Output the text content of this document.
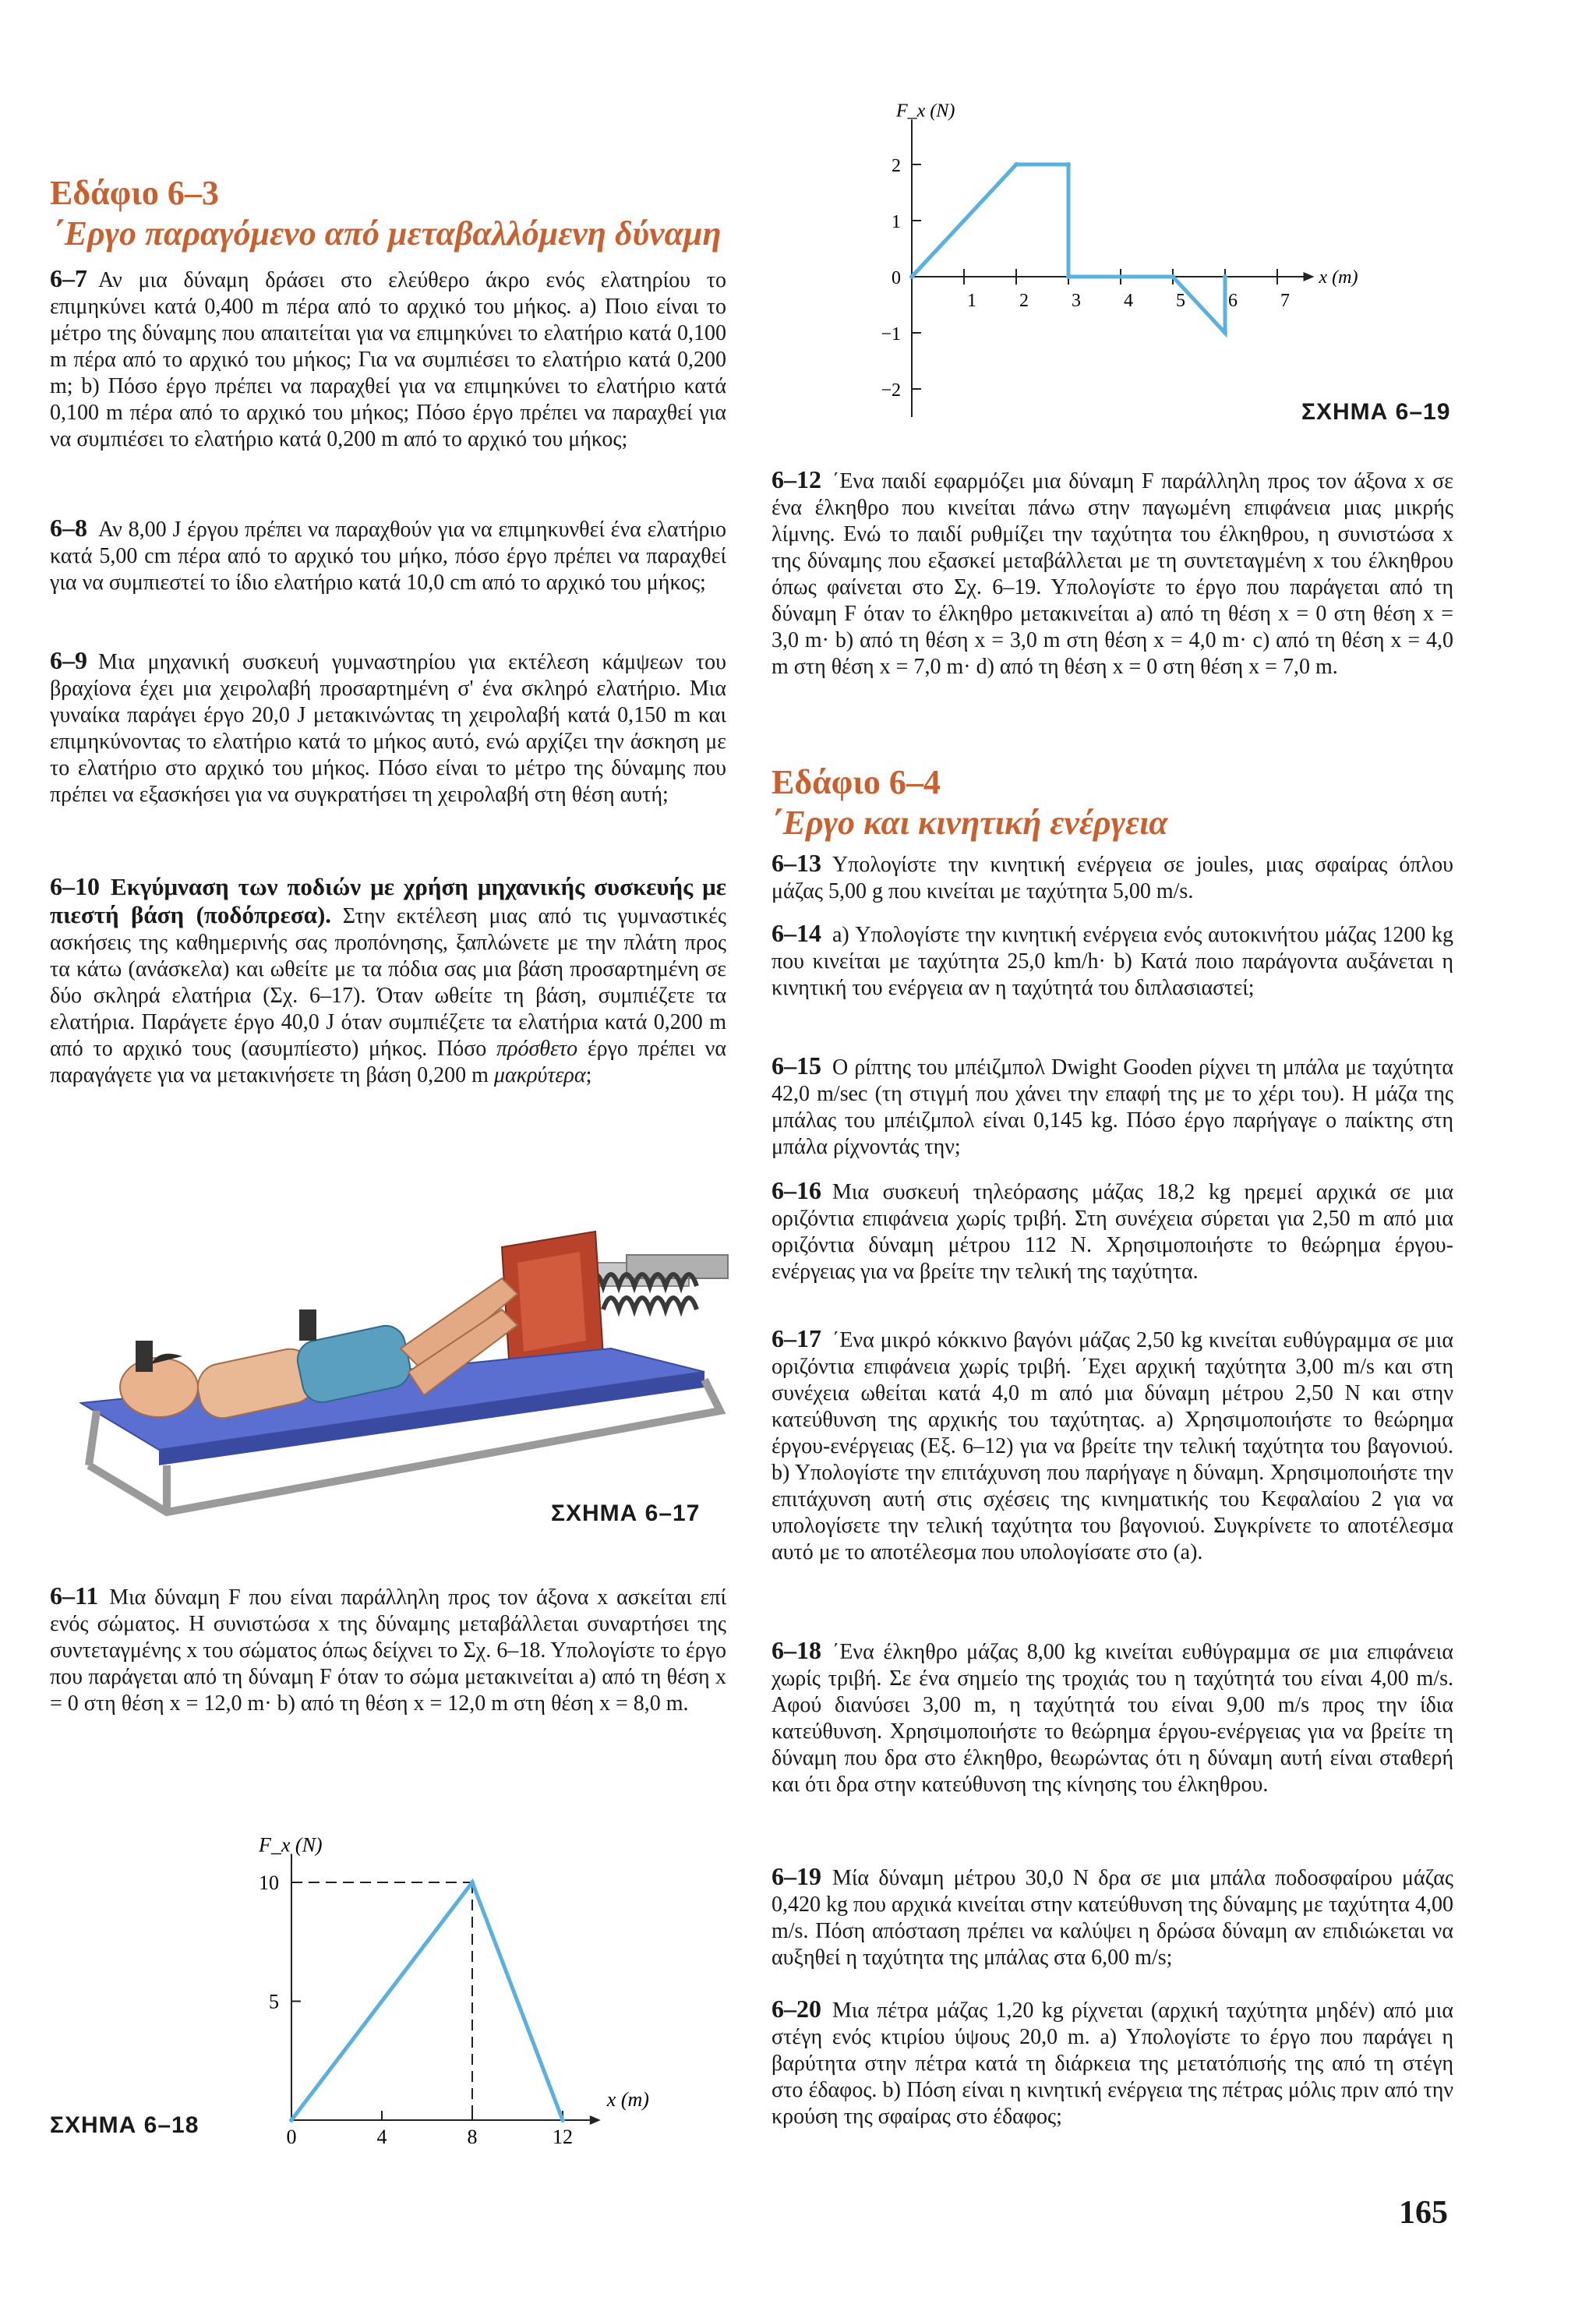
Εδάφιο 6–3
΄Εργο παραγόμενο από μεταβαλλόμενη δύναμη

6–7 Αν μια δύναμη δράσει στο ελεύθερο άκρο ενός ελατηρίου το επιμηκύνει κατά 0,400 m πέρα από το αρχικό του μήκος. a) Ποιο είναι το μέτρο της δύναμης που απαιτείται για να επιμηκύνει το ελατήριο κατά 0,100 m πέρα από το αρχικό του μήκος; Για να συμπιέσει το ελατήριο κατά 0,200 m; b) Πόσο έργο πρέπει να παραχθεί για να επιμηκύνει το ελατήριο κατά 0,100 m πέρα από το αρχικό του μήκος; Πόσο έργο πρέπει να παραχθεί για να συμπιέσει το ελατήριο κατά 0,200 m από το αρχικό του μήκος;

6–8 Αν 8,00 J έργου πρέπει να παραχθούν για να επιμηκυνθεί ένα ελατήριο κατά 5,00 cm πέρα από το αρχικό του μήκο, πόσο έργο πρέπει να παραχθεί για να συμπιεστεί το ίδιο ελατήριο κατά 10,0 cm από το αρχικό του μήκος;

6–9 Μια μηχανική συσκευή γυμναστηρίου για εκτέλεση κάμψεων του βραχίονα έχει μια χειρολαβή προσαρτημένη σ' ένα σκληρό ελατήριο. Μια γυναίκα παράγει έργο 20,0 J μετακινώντας τη χειρολαβή κατά 0,150 m και επιμηκύνοντας το ελατήριο κατά το μήκος αυτό, ενώ αρχίζει την άσκηση με το ελατήριο στο αρχικό του μήκος. Πόσο είναι το μέτρο της δύναμης που πρέπει να εξασκήσει για να συγκρατήσει τη χειρολαβή στη θέση αυτή;

6–10 Εκγύμναση των ποδιών με χρήση μηχανικής συσκευής με πιεστή βάση (ποδόπρεσα). Στην εκτέλεση μιας από τις γυμναστικές ασκήσεις της καθημερινής σας προπόνησης, ξαπλώνετε με την πλάτη προς τα κάτω (ανάσκελα) και ωθείτε με τα πόδια σας μια βάση προσαρτημένη σε δύο σκληρά ελατήρια (Σχ. 6–17). Όταν ωθείτε τη βάση, συμπιέζετε τα ελατήρια. Παράγετε έργο 40,0 J όταν συμπιέζετε τα ελατήρια κατά 0,200 m από το αρχικό τους (ασυμπίεστο) μήκος. Πόσο πρόσθετο έργο πρέπει να παραγάγετε για να μετακινήσετε τη βάση 0,200 m μακρύτερα;

ΣΧΗΜΑ 6–17

6–11 Μια δύναμη F που είναι παράλληλη προς τον άξονα x ασκείται επί ενός σώματος. Η συνιστώσα x της δύναμης μεταβάλλεται συναρτήσει της συντεταγμένης x του σώματος όπως δείχνει το Σχ. 6–18. Υπολογίστε το έργο που παράγεται από τη δύναμη F όταν το σώμα μετακινείται a) από τη θέση x = 0 στη θέση x = 12,0 m· b) από τη θέση x = 12,0 m στη θέση x = 8,0 m.

0	4	8	12
5
10
F_x (N)
x (m)
ΣΧΗΜΑ 6–18
1 2 3 4 5 6 7
2
1
0
−1
−2
F_x (N)
x (m)
ΣΧΗΜΑ 6–19

6–12 ΄Ενα παιδί εφαρμόζει μια δύναμη F παράλληλη προς τον άξονα x σε ένα έλκηθρο που κινείται πάνω στην παγωμένη επιφάνεια μιας μικρής λίμνης. Ενώ το παιδί ρυθμίζει την ταχύτητα του έλκηθρου, η συνιστώσα x της δύναμης που εξασκεί μεταβάλλεται με τη συντεταγμένη x του έλκηθρου όπως φαίνεται στο Σχ. 6–19. Υπολογίστε το έργο που παράγεται από τη δύναμη F όταν το έλκηθρο μετακινείται a) από τη θέση x = 0 στη θέση x = 3,0 m· b) από τη θέση x = 3,0 m στη θέση x = 4,0 m· c) από τη θέση x = 4,0 m στη θέση x = 7,0 m· d) από τη θέση x = 0 στη θέση x = 7,0 m.

Εδάφιο 6–4
΄Εργο και κινητική ενέργεια

6–13 Υπολογίστε την κινητική ενέργεια σε joules, μιας σφαίρας όπλου μάζας 5,00 g που κινείται με ταχύτητα 5,00 m/s.

6–14 a) Υπολογίστε την κινητική ενέργεια ενός αυτοκινήτου μάζας 1200 kg που κινείται με ταχύτητα 25,0 km/h· b) Κατά ποιο παράγοντα αυξάνεται η κινητική του ενέργεια αν η ταχύτητά του διπλασιαστεί;

6–15 Ο ρίπτης του μπέιζμπολ Dwight Gooden ρίχνει τη μπάλα με ταχύτητα 42,0 m/sec (τη στιγμή που χάνει την επαφή της με το χέρι του). Η μάζα της μπάλας του μπέιζμπολ είναι 0,145 kg. Πόσο έργο παρήγαγε ο παίκτης στη μπάλα ρίχνοντάς την;

6–16 Μια συσκευή τηλεόρασης μάζας 18,2 kg ηρεμεί αρχικά σε μια οριζόντια επιφάνεια χωρίς τριβή. Στη συνέχεια σύρεται για 2,50 m από μια οριζόντια δύναμη μέτρου 112 N. Χρησιμοποιήστε το θεώρημα έργου-ενέργειας για να βρείτε την τελική της ταχύτητα.

6–17 ΄Ενα μικρό κόκκινο βαγόνι μάζας 2,50 kg κινείται ευθύγραμμα σε μια οριζόντια επιφάνεια χωρίς τριβή. ΄Εχει αρχική ταχύτητα 3,00 m/s και στη συνέχεια ωθείται κατά 4,0 m από μια δύναμη μέτρου 2,50 N και στην κατεύθυνση της αρχικής του ταχύτητας. a) Χρησιμοποιήστε το θεώρημα έργου-ενέργειας (Εξ. 6–12) για να βρείτε την τελική ταχύτητα του βαγονιού. b) Υπολογίστε την επιτάχυνση που παρήγαγε η δύναμη. Χρησιμοποιήστε την επιτάχυνση αυτή στις σχέσεις της κινηματικής του Κεφαλαίου 2 για να υπολογίσετε την τελική ταχύτητα του βαγονιού. Συγκρίνετε το αποτέλεσμα αυτό με το αποτέλεσμα που υπολογίσατε στο (a).

6–18 ΄Ενα έλκηθρο μάζας 8,00 kg κινείται ευθύγραμμα σε μια επιφάνεια χωρίς τριβή. Σε ένα σημείο της τροχιάς του η ταχύτητά του είναι 4,00 m/s. Αφού διανύσει 3,00 m, η ταχύτητά του είναι 9,00 m/s προς την ίδια κατεύθυνση. Χρησιμοποιήστε το θεώρημα έργου-ενέργειας για να βρείτε τη δύναμη που δρα στο έλκηθρο, θεωρώντας ότι η δύναμη αυτή είναι σταθερή και ότι δρα στην κατεύθυνση της κίνησης του έλκηθρου.

6–19 Μία δύναμη μέτρου 30,0 N δρα σε μια μπάλα ποδοσφαίρου μάζας 0,420 kg που αρχικά κινείται στην κατεύθυνση της δύναμης με ταχύτητα 4,00 m/s. Πόση απόσταση πρέπει να καλύψει η δρώσα δύναμη αν επιδιώκεται να αυξηθεί η ταχύτητα της μπάλας στα 6,00 m/s;

6–20 Μια πέτρα μάζας 1,20 kg ρίχνεται (αρχική ταχύτητα μηδέν) από μια στέγη ενός κτιρίου ύψους 20,0 m. a) Υπολογίστε το έργο που παράγει η βαρύτητα στην πέτρα κατά τη διάρκεια της μετατόπισής της από τη στέγη στο έδαφος. b) Πόση είναι η κινητική ενέργεια της πέτρας μόλις πριν από την κρούση της σφαίρας στο έδαφος;

165
